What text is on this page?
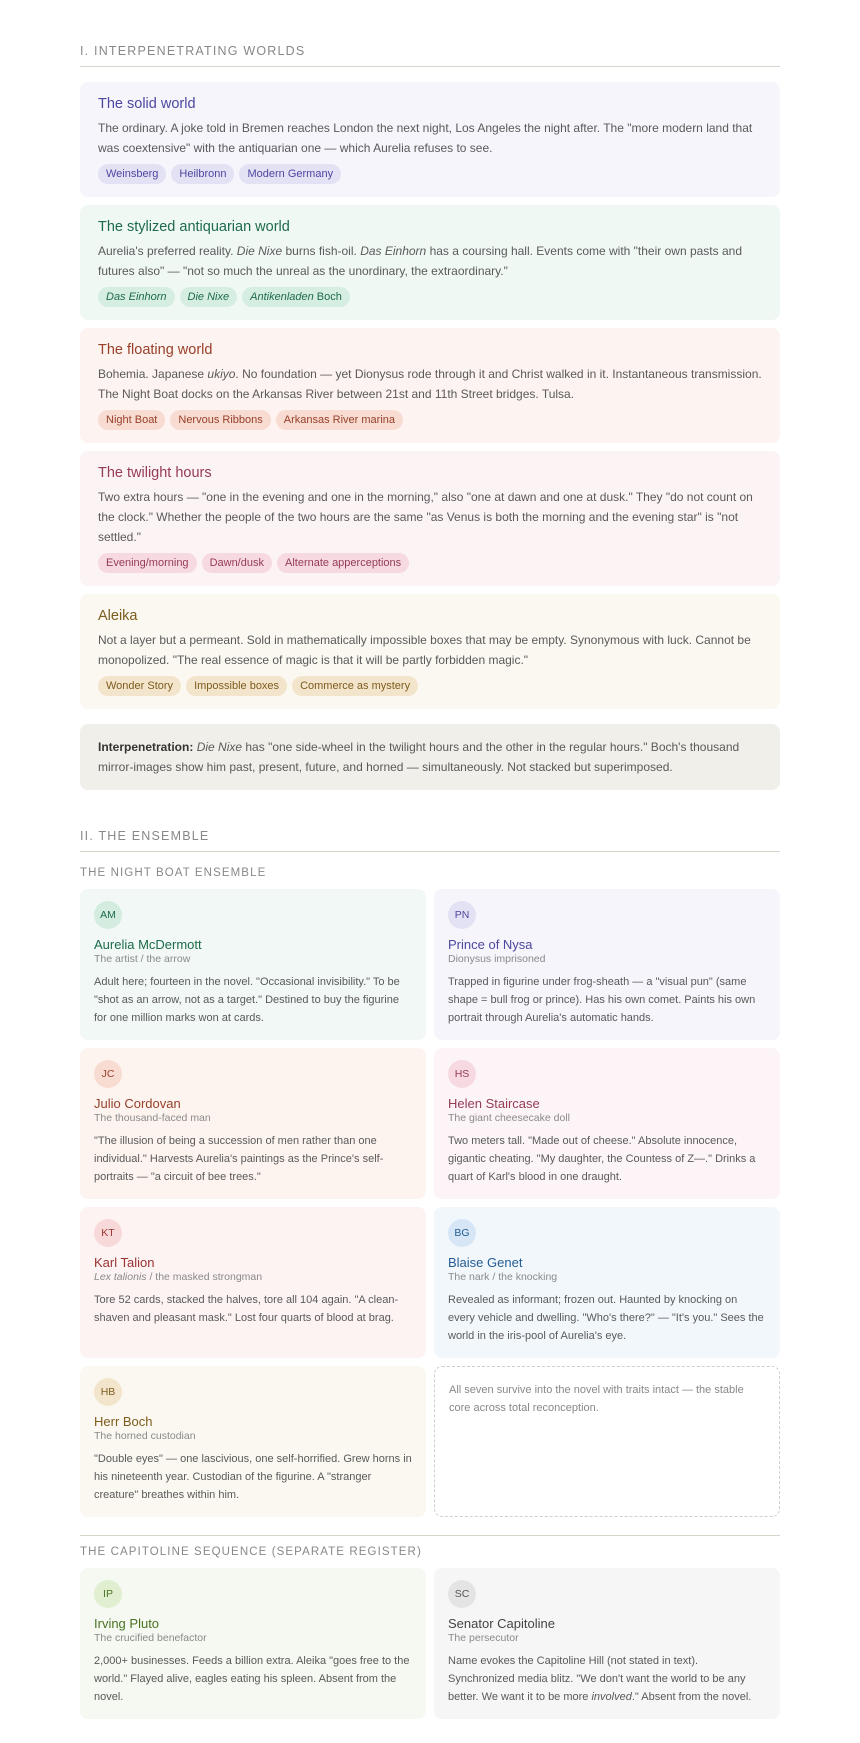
I. INTERPENETRATING WORLDS
The solid world
The ordinary. A joke told in Bremen reaches London the next night, Los Angeles the night after. The "more modern land that was coextensive" with the antiquarian one — which Aurelia refuses to see.
Weinsberg	Heilbronn	Modern Germany
The stylized antiquarian world
Aurelia's preferred reality. Die Nixe burns fish-oil. Das Einhorn has a coursing hall. Events come with "their own pasts and futures also" — "not so much the unreal as the unordinary, the extraordinary."
Das Einhorn	Die Nixe	Antikenladen Boch
The floating world
Bohemia. Japanese ukiyo. No foundation — yet Dionysus rode through it and Christ walked in it. Instantaneous transmission. The Night Boat docks on the Arkansas River between 21st and 11th Street bridges. Tulsa.
Night Boat	Nervous Ribbons	Arkansas River marina
The twilight hours
Two extra hours — "one in the evening and one in the morning," also "one at dawn and one at dusk." They "do not count on the clock." Whether the people of the two hours are the same "as Venus is both the morning and the evening star" is "not settled."
Evening/morning	Dawn/dusk	Alternate apperceptions
Aleika
Not a layer but a permeant. Sold in mathematically impossible boxes that may be empty. Synonymous with luck. Cannot be monopolized. "The real essence of magic is that it will be partly forbidden magic."
Wonder Story	Impossible boxes	Commerce as mystery
Interpenetration: Die Nixe has "one side-wheel in the twilight hours and the other in the regular hours." Boch's thousand mirror-images show him past, present, future, and horned — simultaneously. Not stacked but superimposed.
II. THE ENSEMBLE
THE NIGHT BOAT ENSEMBLE
AM
Aurelia McDermott
The artist / the arrow
Adult here; fourteen in the novel. "Occasional invisibility." To be "shot as an arrow, not as a target." Destined to buy the figurine for one million marks won at cards.
PN
Prince of Nysa
Dionysus imprisoned
Trapped in figurine under frog-sheath — a "visual pun" (same shape = bull frog or prince). Has his own comet. Paints his own portrait through Aurelia's automatic hands.
JC
Julio Cordovan
The thousand-faced man
"The illusion of being a succession of men rather than one individual." Harvests Aurelia's paintings as the Prince's self-portraits — "a circuit of bee trees."
HS
Helen Staircase
The giant cheesecake doll
Two meters tall. "Made out of cheese." Absolute innocence, gigantic cheating. "My daughter, the Countess of Z—." Drinks a quart of Karl's blood in one draught.
KT
Karl Talion
Lex talionis / the masked strongman
Tore 52 cards, stacked the halves, tore all 104 again. "A clean-shaven and pleasant mask." Lost four quarts of blood at brag.
BG
Blaise Genet
The nark / the knocking
Revealed as informant; frozen out. Haunted by knocking on every vehicle and dwelling. "Who's there?" — "It's you." Sees the world in the iris-pool of Aurelia's eye.
HB
Herr Boch
The horned custodian
"Double eyes" — one lascivious, one self-horrified. Grew horns in his nineteenth year. Custodian of the figurine. A "stranger creature" breathes within him.
All seven survive into the novel with traits intact — the stable core across total reconception.
THE CAPITOLINE SEQUENCE (SEPARATE REGISTER)
IP
Irving Pluto
The crucified benefactor
2,000+ businesses. Feeds a billion extra. Aleika "goes free to the world." Flayed alive, eagles eating his spleen. Absent from the novel.
SC
Senator Capitoline
The persecutor
Name evokes the Capitoline Hill (not stated in text). Synchronized media blitz. "We don't want the world to be any better. We want it to be more involved." Absent from the novel.
